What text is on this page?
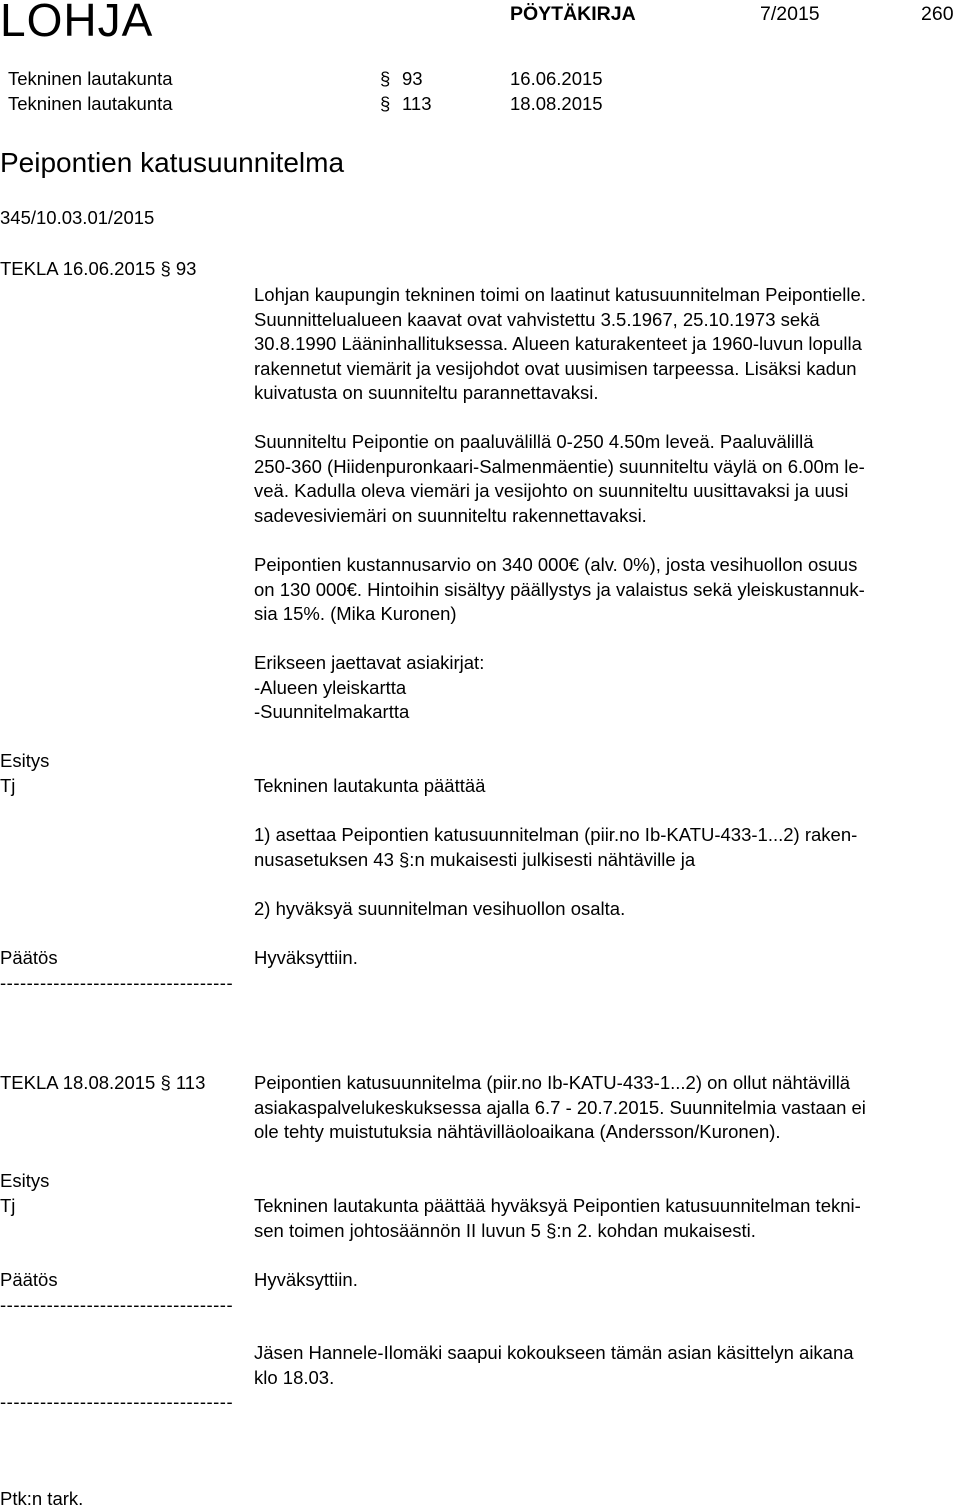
LOHJA	PÖYTÄKIRJA	7/2015	260
Tekninen lautakunta	§ 93	16.06.2015
Tekninen lautakunta	§ 113	18.08.2015
Peipontien katusuunnitelma
345/10.03.01/2015
TEKLA 16.06.2015 § 93

Lohjan kaupungin tekninen toimi on laatinut katusuunnitelman Peipontielle.

Suunnittelualueen kaavat ovat vahvistettu 3.5.1967, 25.10.1973 sekä

30.8.1990 Lääninhallituksessa. Alueen katurakenteet ja 1960-luvun lopulla

rakennetut viemärit ja vesijohdot ovat uusimisen tarpeessa. Lisäksi kadun

kuivatusta on suunniteltu parannettavaksi.

Suunniteltu Peipontie on paaluvälillä 0-250 4.50m leveä. Paaluvälillä

250-360 (Hiidenpuronkaari-Salmenmäentie) suunniteltu väylä on 6.00m le-

veä. Kadulla oleva viemäri ja vesijohto on suunniteltu uusittavaksi ja uusi

sadevesiviemäri on suunniteltu rakennettavaksi.

Peipontien kustannusarvio on 340 000€ (alv. 0%), josta vesihuollon osuus

on 130 000€. Hintoihin sisältyy päällystys ja valaistus sekä yleiskustannuk-

sia 15%. (Mika Kuronen)

Erikseen jaettavat asiakirjat:

-Alueen yleiskartta

-Suunnitelmakartta

Esitys
Tj	Tekninen lautakunta päättää

1) asettaa Peipontien katusuunnitelman (piir.no Ib-KATU-433-1...2) raken-

nusasetuksen 43 §:n mukaisesti julkisesti nähtäville ja

2) hyväksyä suunnitelman vesihuollon osalta.
Päätös	Hyväksyttiin.
-----------------------------------
TEKLA 18.08.2015 § 113	Peipontien katusuunnitelma (piir.no Ib-KATU-433-1...2) on ollut nähtävillä

asiakaspalvelukeskuksessa ajalla 6.7 - 20.7.2015. Suunnitelmia vastaan ei

ole tehty muistutuksia nähtävilläoloaikana (Andersson/Kuronen).

Esitys
Tj	Tekninen lautakunta päättää hyväksyä Peipontien katusuunnitelman tekni-

sen toimen johtosäännön II luvun 5 §:n 2. kohdan mukaisesti.

Päätös	Hyväksyttiin.
-----------------------------------

Jäsen Hannele-Ilomäki saapui kokoukseen tämän asian käsittelyn aikana

klo 18.03.

-----------------------------------
Ptk:n tark.
